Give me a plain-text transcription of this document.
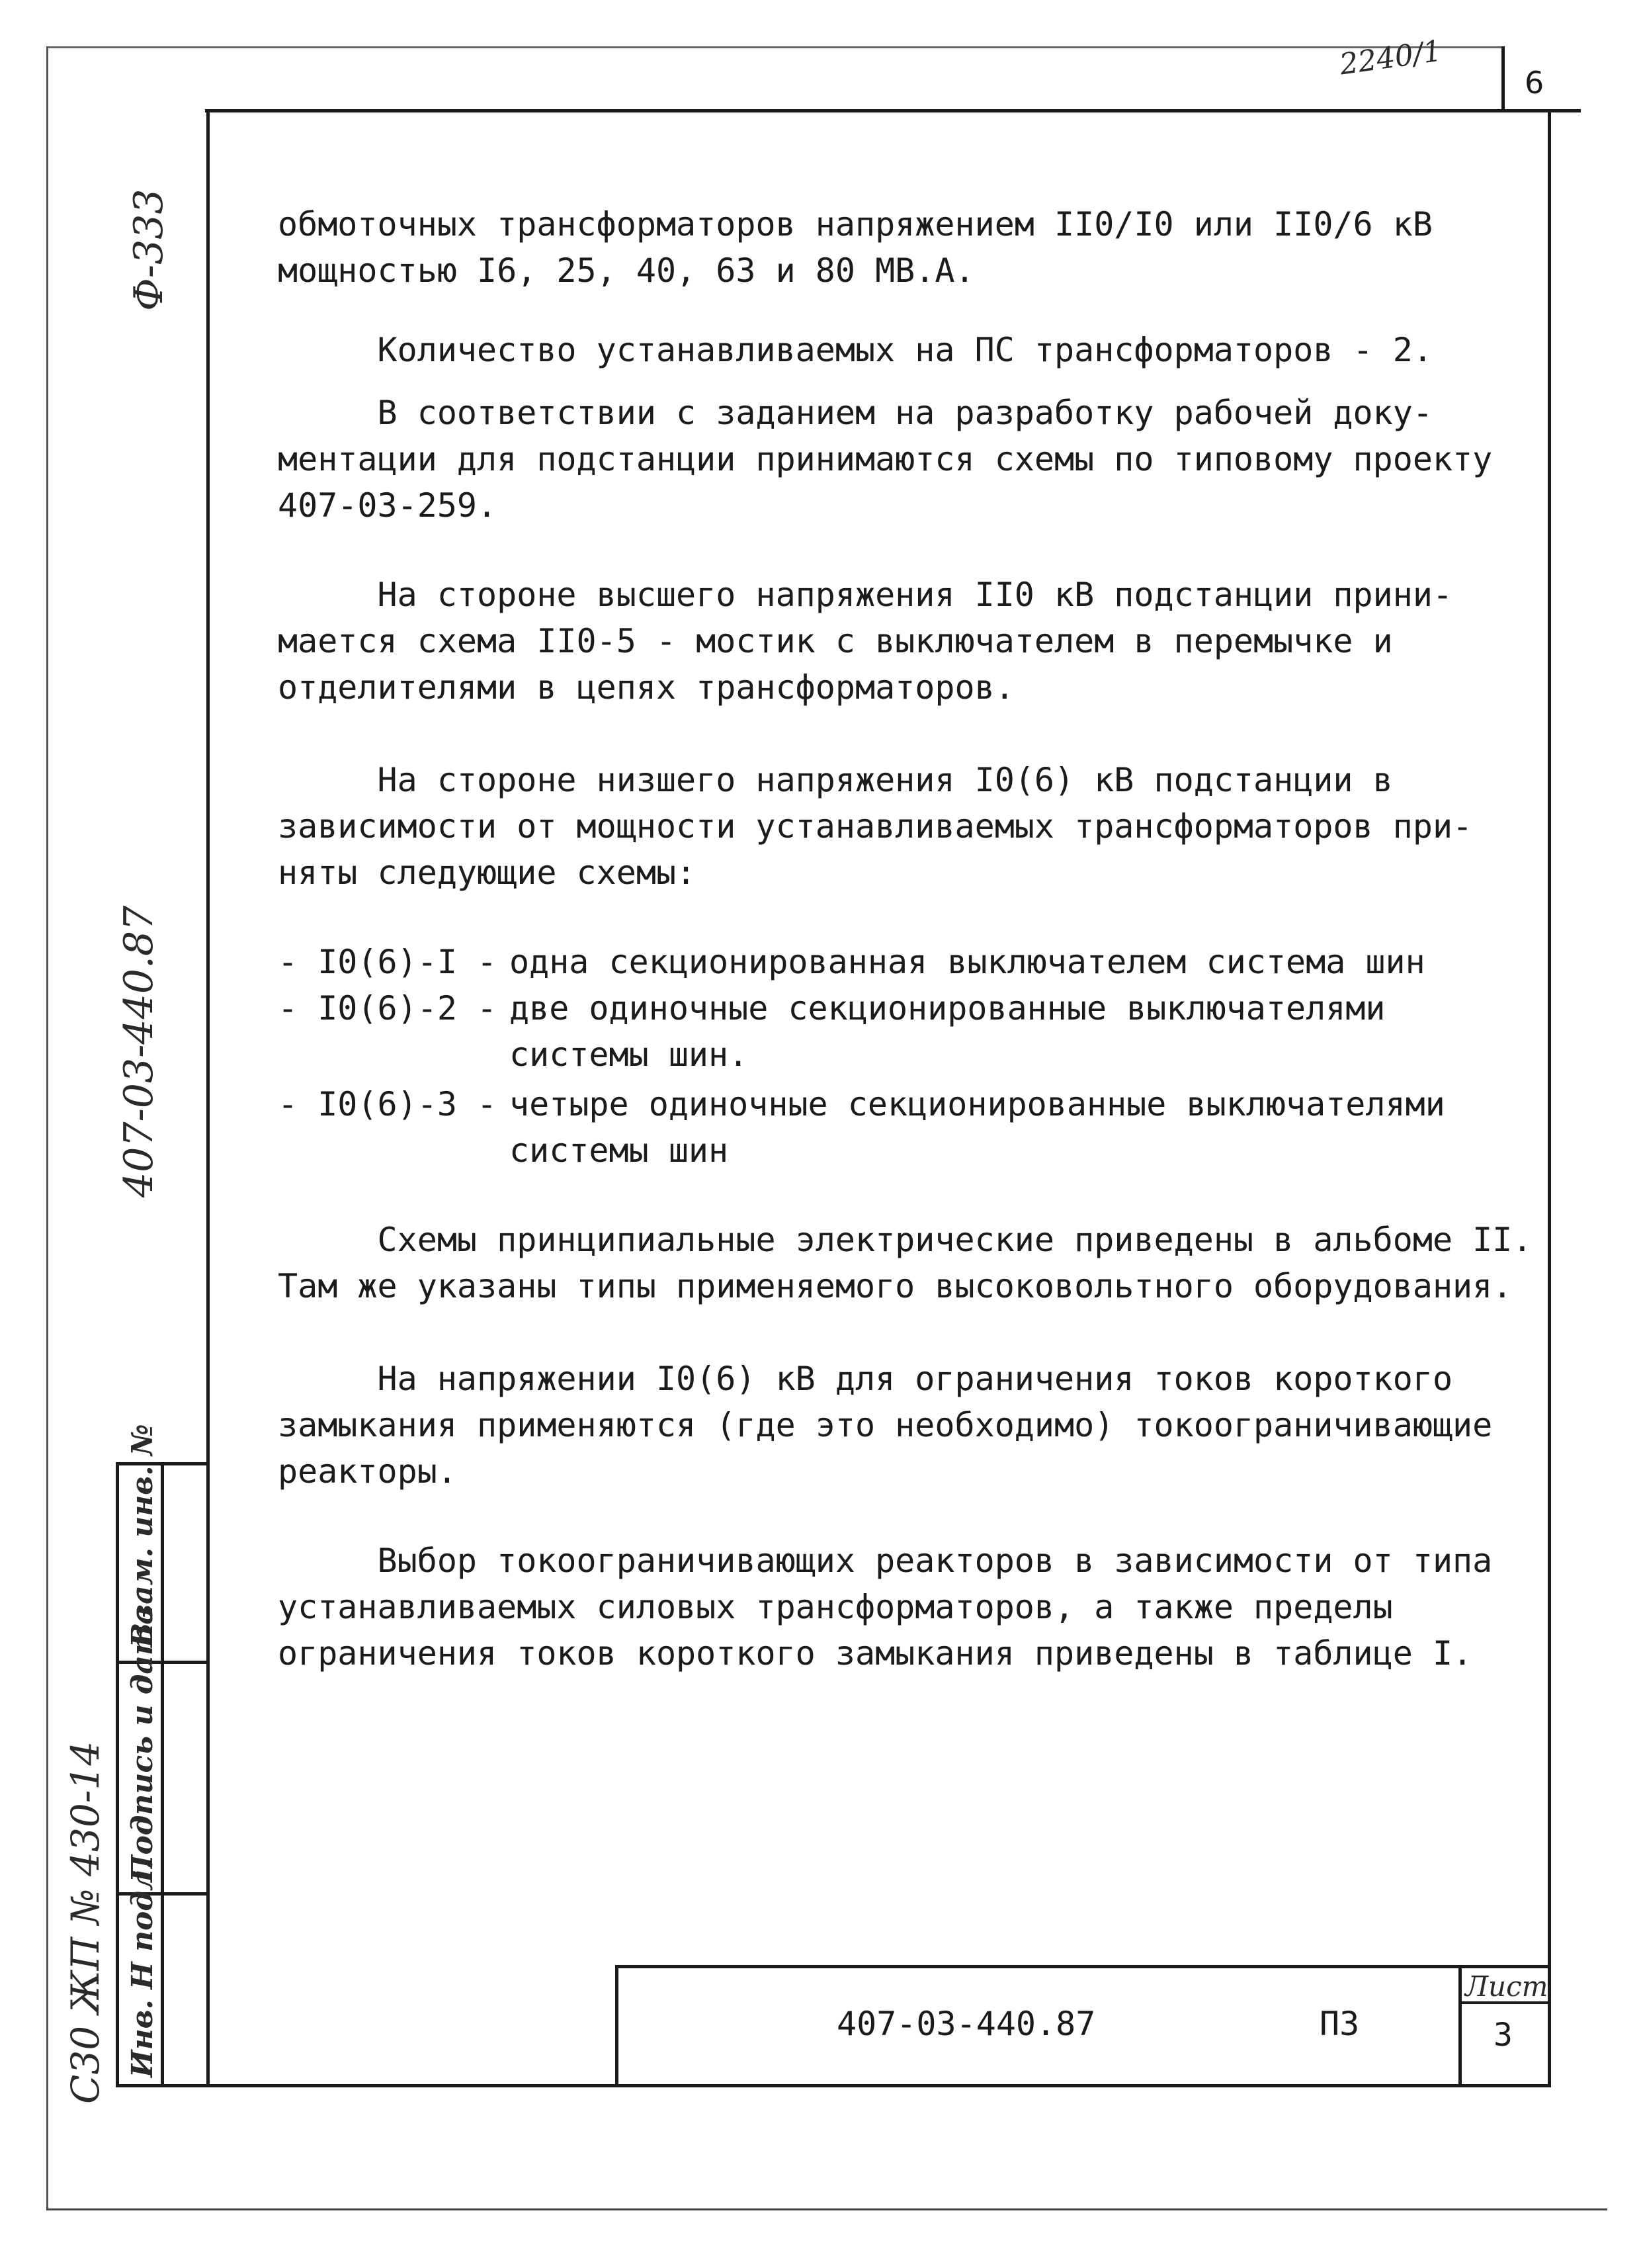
6
2240/1
Ф-333
407-03-440.87
С30 ЖП № 430-14
Взам. инв. №
Подпись и дата
Инв. Н подл.
обмоточных трансформаторов напряжением II0/I0 или II0/6 кВ
мощностью I6, 25, 40, 63 и 80 МВ.А.
Количество устанавливаемых на ПС трансформаторов - 2.
В соответствии с заданием на разработку рабочей доку-
ментации для подстанции принимаются схемы по типовому проекту
407-03-259.
На стороне высшего напряжения II0 кВ подстанции прини-
мается схема II0-5 - мостик с выключателем в перемычке и
отделителями в цепях трансформаторов.
На стороне низшего напряжения I0(6) кВ подстанции в
зависимости от мощности устанавливаемых трансформаторов при-
няты следующие схемы:
- I0(6)-I - одна секционированная выключателем система шин
- I0(6)-2 - две одиночные секционированные выключателями
системы шин.
- I0(6)-3 - четыре одиночные секционированные выключателями
системы шин
Схемы принципиальные электрические приведены в альбоме II.
Там же указаны типы применяемого высоковольтного оборудования.
На напряжении I0(6) кВ для ограничения токов короткого
замыкания применяются (где это необходимо) токоограничивающие
реакторы.
Выбор токоограничивающих реакторов в зависимости от типа
устанавливаемых силовых трансформаторов, а также пределы
ограничения токов короткого замыкания приведены в таблице I.
407-03-440.87	ПЗ
Лист
3
